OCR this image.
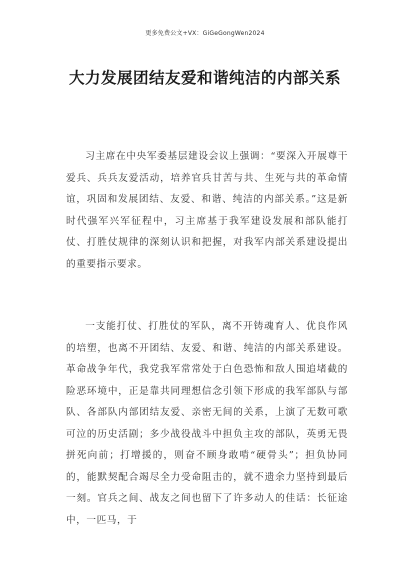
更多免费公文+VX：GiGeGongWen2024
大力发展团结友爱和谐纯洁的内部关系

习主席在中央军委基层建设会议上强调：“要深入开展尊干爱兵、兵兵友爱活动，培养官兵甘苦与共、生死与共的革命情谊，巩固和发展团结、友爱、和谐、纯洁的内部关系。”这是新时代强军兴军征程中，习主席基于我军建设发展和部队能打仗、打胜仗规律的深刻认识和把握，对我军内部关系建设提出的重要指示要求。

一支能打仗、打胜仗的军队，离不开铸魂育人、优良作风的培塑，也离不开团结、友爱、和谐、纯洁的内部关系建设。革命战争年代，我党我军常常处于白色恐怖和敌人围追堵截的险恶环境中，正是靠共同理想信念引领下形成的我军部队与部队、各部队内部团结友爱、亲密无间的关系，上演了无数可歌可泣的历史活剧；多少战役战斗中担负主攻的部队，英勇无畏拼死向前；打增援的，则奋不顾身敢啃“硬骨头”；担负协同的，能默契配合竭尽全力受命阻击的，就不遗余力坚持到最后一刻。官兵之间、战友之间也留下了许多动人的佳话：长征途中，一匹马，于
